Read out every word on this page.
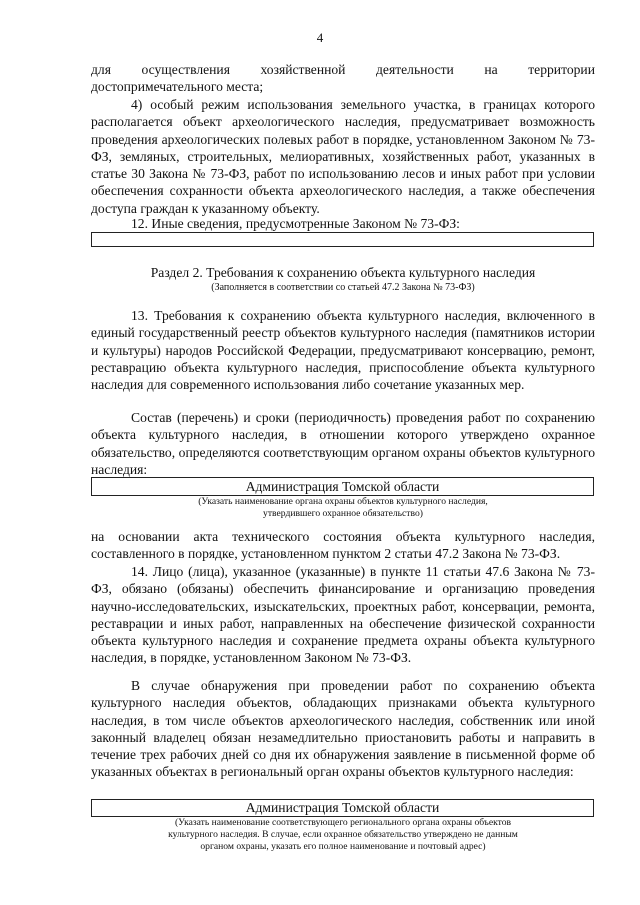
4
для осуществления хозяйственной деятельности на территории
достопримечательного места;
4) особый режим использования земельного участка, в границах которого располагается объект археологического наследия, предусматривает возможность проведения археологических полевых работ в порядке, установленном Законом № 73-ФЗ, земляных, строительных, мелиоративных, хозяйственных работ, указанных в статье 30 Закона № 73-ФЗ, работ по использованию лесов и иных работ при условии обеспечения сохранности объекта археологического наследия, а также обеспечения доступа граждан к указанному объекту.
12. Иные сведения, предусмотренные Законом № 73-ФЗ:
Раздел 2. Требования к сохранению объекта культурного наследия
(Заполняется в соответствии со статьей 47.2 Закона № 73-ФЗ)
13. Требования к сохранению объекта культурного наследия, включенного в единый государственный реестр объектов культурного наследия (памятников истории и культуры) народов Российской Федерации, предусматривают консервацию, ремонт, реставрацию объекта культурного наследия, приспособление объекта культурного наследия для современного использования либо сочетание указанных мер.
Состав (перечень) и сроки (периодичность) проведения работ по сохранению объекта культурного наследия, в отношении которого утверждено охранное обязательство, определяются соответствующим органом охраны объектов культурного наследия:
Администрация Томской области
(Указать наименование органа охраны объектов культурного наследия,
утвердившего охранное обязательство)
на основании акта технического состояния объекта культурного наследия, составленного в порядке, установленном пунктом 2 статьи 47.2 Закона № 73-ФЗ.
14. Лицо (лица), указанное (указанные) в пункте 11 статьи 47.6 Закона № 73-ФЗ, обязано (обязаны) обеспечить финансирование и организацию проведения научно-исследовательских, изыскательских, проектных работ, консервации, ремонта, реставрации и иных работ, направленных на обеспечение физической сохранности объекта культурного наследия и сохранение предмета охраны объекта культурного наследия, в порядке, установленном Законом № 73-ФЗ.
В случае обнаружения при проведении работ по сохранению объекта культурного наследия объектов, обладающих признаками объекта культурного наследия, в том числе объектов археологического наследия, собственник или иной законный владелец обязан незамедлительно приостановить работы и направить в течение трех рабочих дней со дня их обнаружения заявление в письменной форме об указанных объектах в региональный орган охраны объектов культурного наследия:
Администрация Томской области
(Указать наименование соответствующего регионального органа охраны объектов
культурного наследия. В случае, если охранное обязательство утверждено не данным
органом охраны, указать его полное наименование и почтовый адрес)
